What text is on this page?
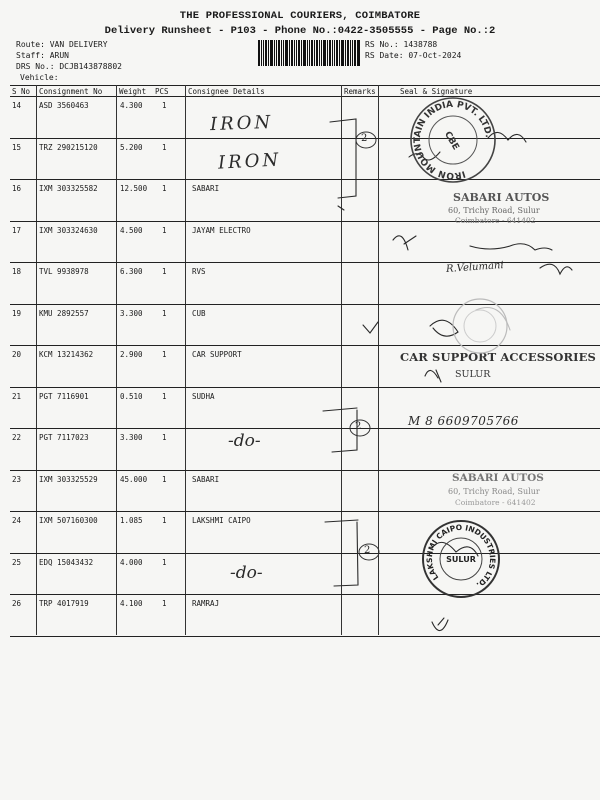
THE PROFESSIONAL COURIERS, COIMBATORE
Delivery Runsheet - P103 - Phone No.:0422-3505555 - Page No.:2
Route: VAN DELIVERY
Staff: ARUN
DRS No.: DCJB143878802
Vehicle:
RS No.: 1438788
RS Date: 07-Oct-2024
S No Consignment No Weight PCS	Consignee Details	Remarks	Seal & Signature
14 ASD 3560463	4.300	1
15 TRZ 290215120	5.200	1
16 IXM 303325582	12.500 1	SABARI
17 IXM 303324630	4.500	1	JAYAM ELECTRO
18 TVL 9938978	6.300	1	RVS
19 KMU 2892557	3.300	1	CUB
20 KCM 13214362	2.900	1	CAR SUPPORT
21 PGT 7116901	0.510	1	SUDHA
22 PGT 7117023	3.300	1
23 IXM 303325529	45.000 1	SABARI
24 IXM 507160300	1.085	1	LAKSHMI CAIPO
25 EDQ 15043432	4.000	1
26 TRP 4017919	4.100	1	RAMRAJ
2
2
2
IRON
IRON
-do-
-do-
M 8 6609705766
R.Velumani
IRON MOUNTAIN INDIA PVT. LTD.
CBE
SABARI AUTOS
60, Trichy Road, Sulur
Coimbatore - 641402
CAR SUPPORT ACCESSORIES
SULUR
SABARI AUTOS
60, Trichy Road, Sulur
Coimbatore - 641402
LAKSHMI CAIPO INDUSTRIES LTD.
SULUR
